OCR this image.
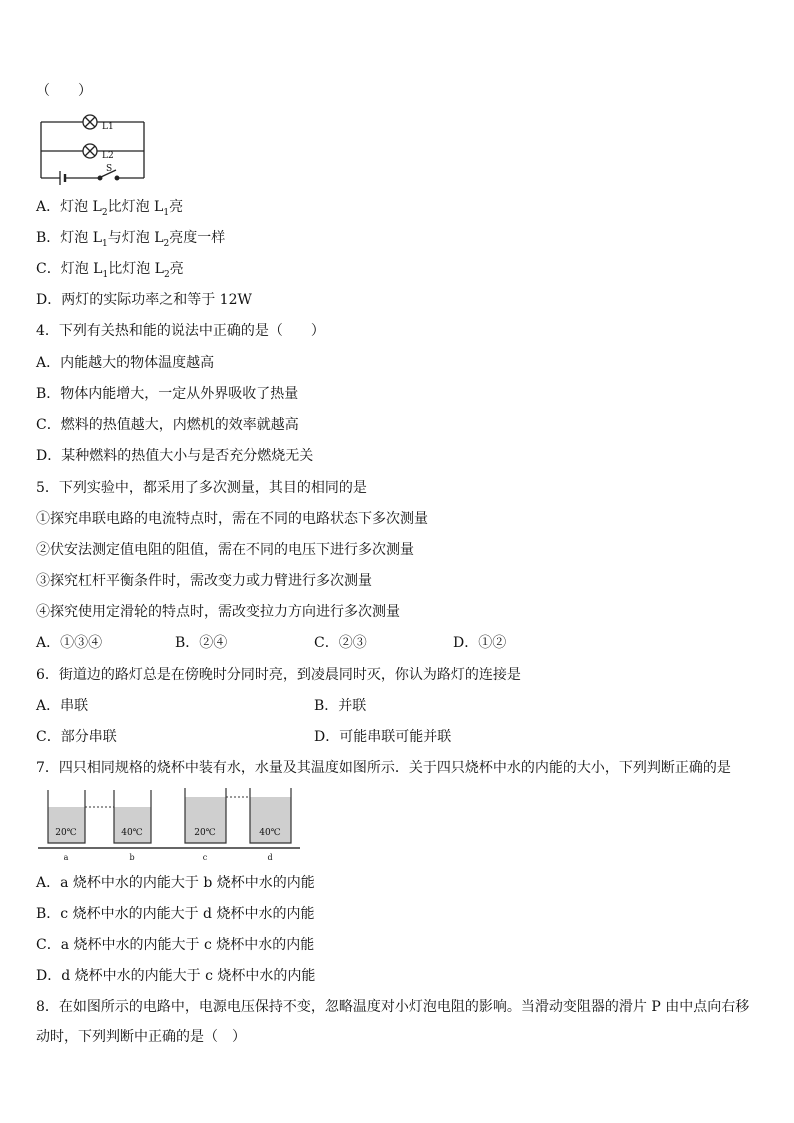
（　　）
L1
L2
S
A．灯泡 $L_2$比灯泡 $L_1$亮
B．灯泡 $L_1$与灯泡 $L_2$亮度一样
C．灯泡 $L_1$比灯泡 $L_2$亮
D．两灯的实际功率之和等于 12W
4．下列有关热和能的说法中正确的是（　　）
A．内能越大的物体温度越高
B．物体内能增大，一定从外界吸收了热量
C．燃料的热值越大，内燃机的效率就越高
D．某种燃料的热值大小与是否充分燃烧无关
5．下列实验中，都采用了多次测量，其目的相同的是
①探究串联电路的电流特点时，需在不同的电路状态下多次测量
②伏安法测定值电阻的阻值，需在不同的电压下进行多次测量
③探究杠杆平衡条件时，需改变力或力臂进行多次测量
④探究使用定滑轮的特点时，需改变拉力方向进行多次测量
A．①③④	B．②④	C．②③	D．①②
6．街道边的路灯总是在傍晚时分同时亮，到凌晨同时灭，你认为路灯的连接是
A．串联	B．并联
C．部分串联	D．可能串联可能并联
7．四只相同规格的烧杯中装有水，水量及其温度如图所示．关于四只烧杯中水的内能的大小，下列判断正确的是
20℃	40℃	20℃	40℃
a	b	c	d
A．a 烧杯中水的内能大于 b 烧杯中水的内能
B．c 烧杯中水的内能大于 d 烧杯中水的内能
C．a 烧杯中水的内能大于 c 烧杯中水的内能
D．d 烧杯中水的内能大于 c 烧杯中水的内能
8．在如图所示的电路中，电源电压保持不变，忽略温度对小灯泡电阻的影响。当滑动变阻器的滑片 P 由中点向右移动时，下列判断中正确的是（　）
